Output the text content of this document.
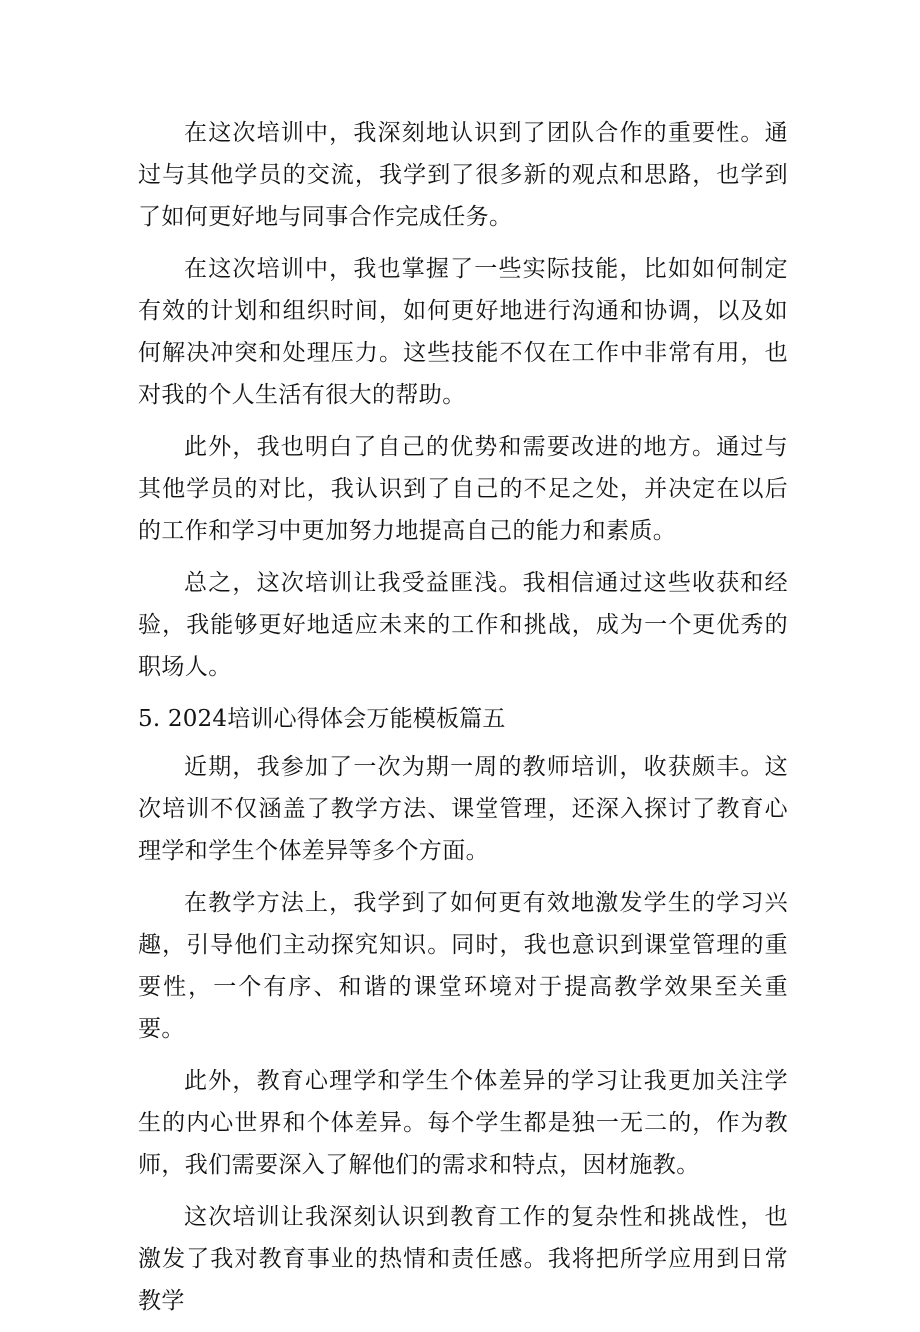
在这次培训中，我深刻地认识到了团队合作的重要性。通过与其他学员的交流，我学到了很多新的观点和思路，也学到了如何更好地与同事合作完成任务。

在这次培训中，我也掌握了一些实际技能，比如如何制定有效的计划和组织时间，如何更好地进行沟通和协调，以及如何解决冲突和处理压力。这些技能不仅在工作中非常有用，也对我的个人生活有很大的帮助。

此外，我也明白了自己的优势和需要改进的地方。通过与其他学员的对比，我认识到了自己的不足之处，并决定在以后的工作和学习中更加努力地提高自己的能力和素质。

总之，这次培训让我受益匪浅。我相信通过这些收获和经验，我能够更好地适应未来的工作和挑战，成为一个更优秀的职场人。

5. 2024培训心得体会万能模板篇五

近期，我参加了一次为期一周的教师培训，收获颇丰。这次培训不仅涵盖了教学方法、课堂管理，还深入探讨了教育心理学和学生个体差异等多个方面。

在教学方法上，我学到了如何更有效地激发学生的学习兴趣，引导他们主动探究知识。同时，我也意识到课堂管理的重要性，一个有序、和谐的课堂环境对于提高教学效果至关重要。

此外，教育心理学和学生个体差异的学习让我更加关注学生的内心世界和个体差异。每个学生都是独一无二的，作为教师，我们需要深入了解他们的需求和特点，因材施教。

这次培训让我深刻认识到教育工作的复杂性和挑战性，也激发了我对教育事业的热情和责任感。我将把所学应用到日常教学
